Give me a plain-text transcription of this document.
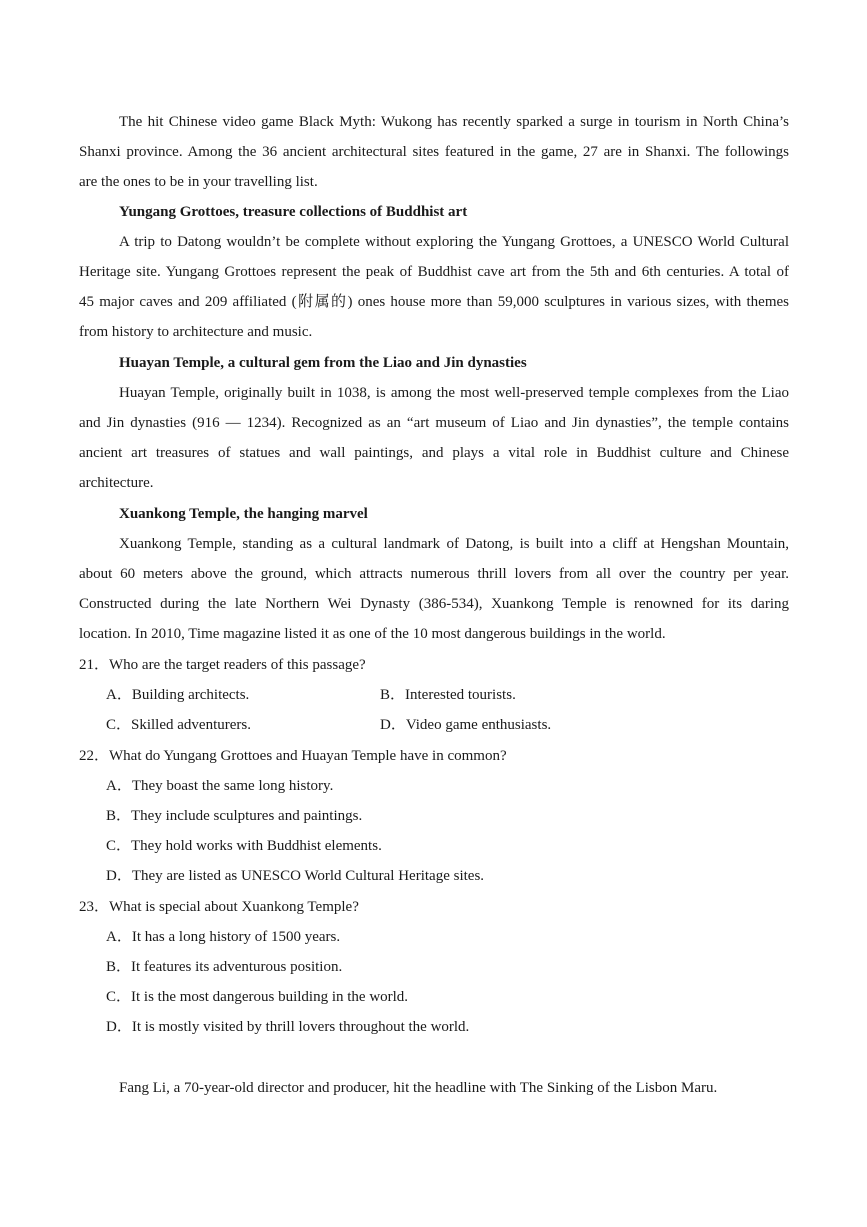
The hit Chinese video game Black Myth: Wukong has recently sparked a surge in tourism in North China’s
Shanxi province. Among the 36 ancient architectural sites featured in the game, 27 are in Shanxi. The followings
are the ones to be in your travelling list.
Yungang Grottoes, treasure collections of Buddhist art
A trip to Datong wouldn’t be complete without exploring the Yungang Grottoes, a UNESCO World Cultural
Heritage site. Yungang Grottoes represent the peak of Buddhist cave art from the 5th and 6th centuries. A total of
45 major caves and 209 affiliated (附属的) ones house more than 59,000 sculptures in various sizes, with themes
from history to architecture and music.
Huayan Temple, a cultural gem from the Liao and Jin dynasties
Huayan Temple, originally built in 1038, is among the most well-preserved temple complexes from the Liao
and Jin dynasties (916 — 1234). Recognized as an “art museum of Liao and Jin dynasties”, the temple contains
ancient art treasures of statues and wall paintings, and plays a vital role in Buddhist culture and Chinese
architecture.
Xuankong Temple, the hanging marvel
Xuankong Temple, standing as a cultural landmark of Datong, is built into a cliff at Hengshan Mountain,
about 60 meters above the ground, which attracts numerous thrill lovers from all over the country per year.
Constructed during the late Northern Wei Dynasty (386-534), Xuankong Temple is renowned for its daring
location. In 2010, Time magazine listed it as one of the 10 most dangerous buildings in the world.
21．Who are the target readers of this passage?
A．Building architects.	B．Interested tourists.
C．Skilled adventurers.	D．Video game enthusiasts.
22．What do Yungang Grottoes and Huayan Temple have in common?
A．They boast the same long history.
B．They include sculptures and paintings.
C．They hold works with Buddhist elements.
D．They are listed as UNESCO World Cultural Heritage sites.
23．What is special about Xuankong Temple?
A．It has a long history of 1500 years.
B．It features its adventurous position.
C．It is the most dangerous building in the world.
D．It is mostly visited by thrill lovers throughout the world.
Fang Li, a 70-year-old director and producer, hit the headline with The Sinking of the Lisbon Maru.
